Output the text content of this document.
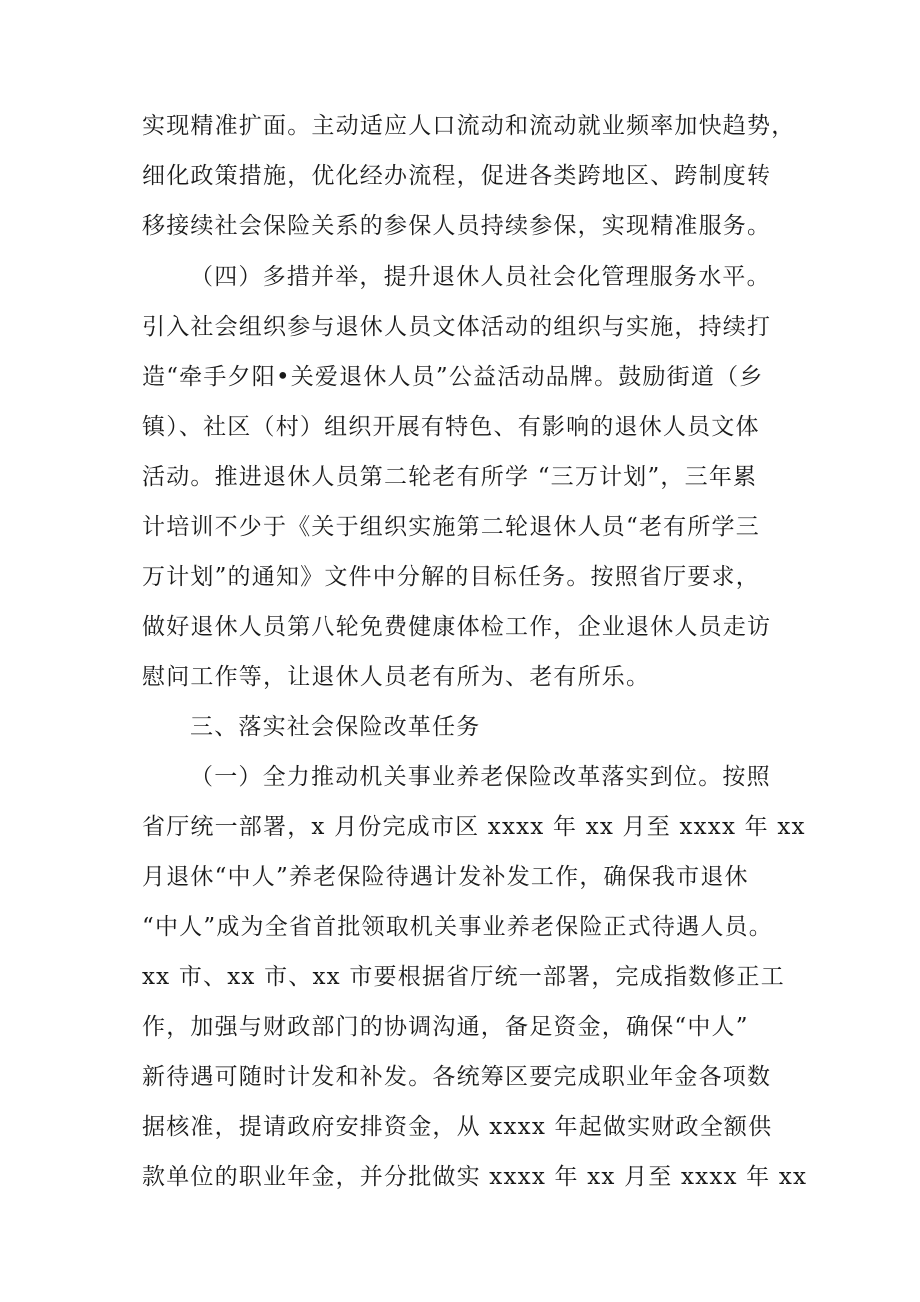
实现精准扩面。主动适应人口流动和流动就业频率加快趋势，
细化政策措施，优化经办流程，促进各类跨地区、跨制度转
移接续社会保险关系的参保人员持续参保，实现精准服务。
（四）多措并举，提升退休人员社会化管理服务水平。
引入社会组织参与退休人员文体活动的组织与实施，持续打
造“牵手夕阳•关爱退休人员”公益活动品牌。鼓励街道（乡
镇）、社区（村）组织开展有特色、有影响的退休人员文体
活动。推进退休人员第二轮老有所学 “三万计划”，三年累
计培训不少于《关于组织实施第二轮退休人员“老有所学三
万计划”的通知》文件中分解的目标任务。按照省厅要求，
做好退休人员第八轮免费健康体检工作，企业退休人员走访
慰问工作等，让退休人员老有所为、老有所乐。
三、落实社会保险改革任务
（一）全力推动机关事业养老保险改革落实到位。按照
省厅统一部署，x 月份完成市区 xxxx 年 xx 月至 xxxx 年 xx
月退休“中人”养老保险待遇计发补发工作，确保我市退休
“中人”成为全省首批领取机关事业养老保险正式待遇人员。
xx 市、xx 市、xx 市要根据省厅统一部署，完成指数修正工
作，加强与财政部门的协调沟通，备足资金，确保“中人”
新待遇可随时计发和补发。各统筹区要完成职业年金各项数
据核准，提请政府安排资金，从 xxxx 年起做实财政全额供
款单位的职业年金，并分批做实 xxxx 年 xx 月至 xxxx 年 xx
